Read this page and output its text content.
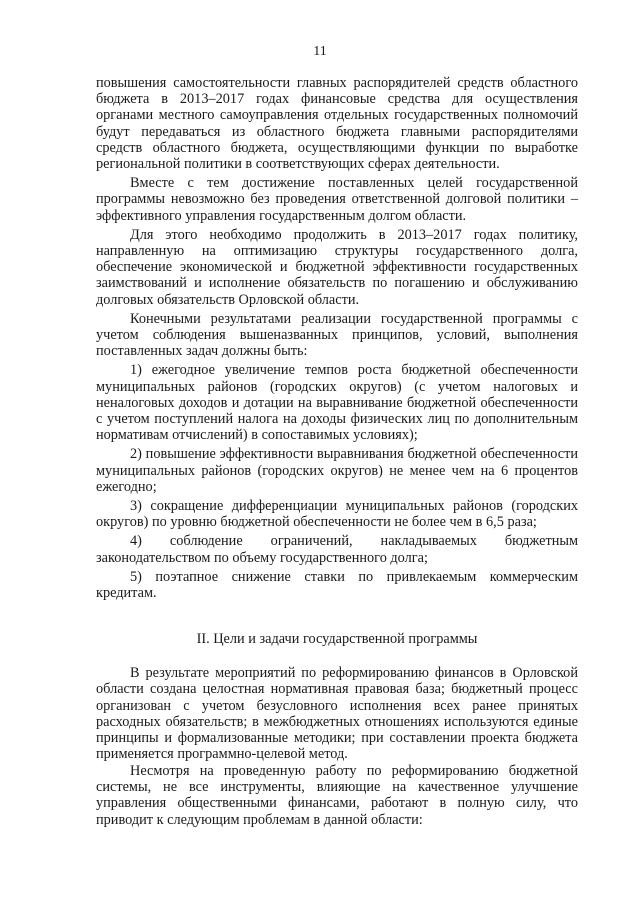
11

повышения самостоятельности главных распорядителей средств областного бюджета в 2013–2017 годах финансовые средства для осуществления органами местного самоуправления отдельных государственных полномочий будут передаваться из областного бюджета главными распорядителями средств областного бюджета, осуществляющими функции по выработке региональной политики в соответствующих сферах деятельности.

Вместе с тем достижение поставленных целей государственной программы невозможно без проведения ответственной долговой политики – эффективного управления государственным долгом области.

Для этого необходимо продолжить в 2013–2017 годах политику, направленную на оптимизацию структуры государственного долга, обеспечение экономической и бюджетной эффективности государственных заимствований и исполнение обязательств по погашению и обслуживанию долговых обязательств Орловской области.

Конечными результатами реализации государственной программы с учетом соблюдения вышеназванных принципов, условий, выполнения поставленных задач должны быть:

1) ежегодное увеличение темпов роста бюджетной обеспеченности муниципальных районов (городских округов) (с учетом налоговых и неналоговых доходов и дотации на выравнивание бюджетной обеспеченности с учетом поступлений налога на доходы физических лиц по дополнительным нормативам отчислений) в сопоставимых условиях);

2) повышение эффективности выравнивания бюджетной обеспеченности муниципальных районов (городских округов) не менее чем на 6 процентов ежегодно;

3) сокращение дифференциации муниципальных районов (городских округов) по уровню бюджетной обеспеченности не более чем в 6,5 раза;

4) соблюдение ограничений, накладываемых бюджетным законодательством по объему государственного долга;

5) поэтапное снижение ставки по привлекаемым коммерческим кредитам.

II. Цели и задачи государственной программы

В результате мероприятий по реформированию финансов в Орловской области создана целостная нормативная правовая база; бюджетный процесс организован с учетом безусловного исполнения всех ранее принятых расходных обязательств; в межбюджетных отношениях используются единые принципы и формализованные методики; при составлении проекта бюджета применяется программно-целевой метод.

Несмотря на проведенную работу по реформированию бюджетной системы, не все инструменты, влияющие на качественное улучшение управления общественными финансами, работают в полную силу, что приводит к следующим проблемам в данной области:
